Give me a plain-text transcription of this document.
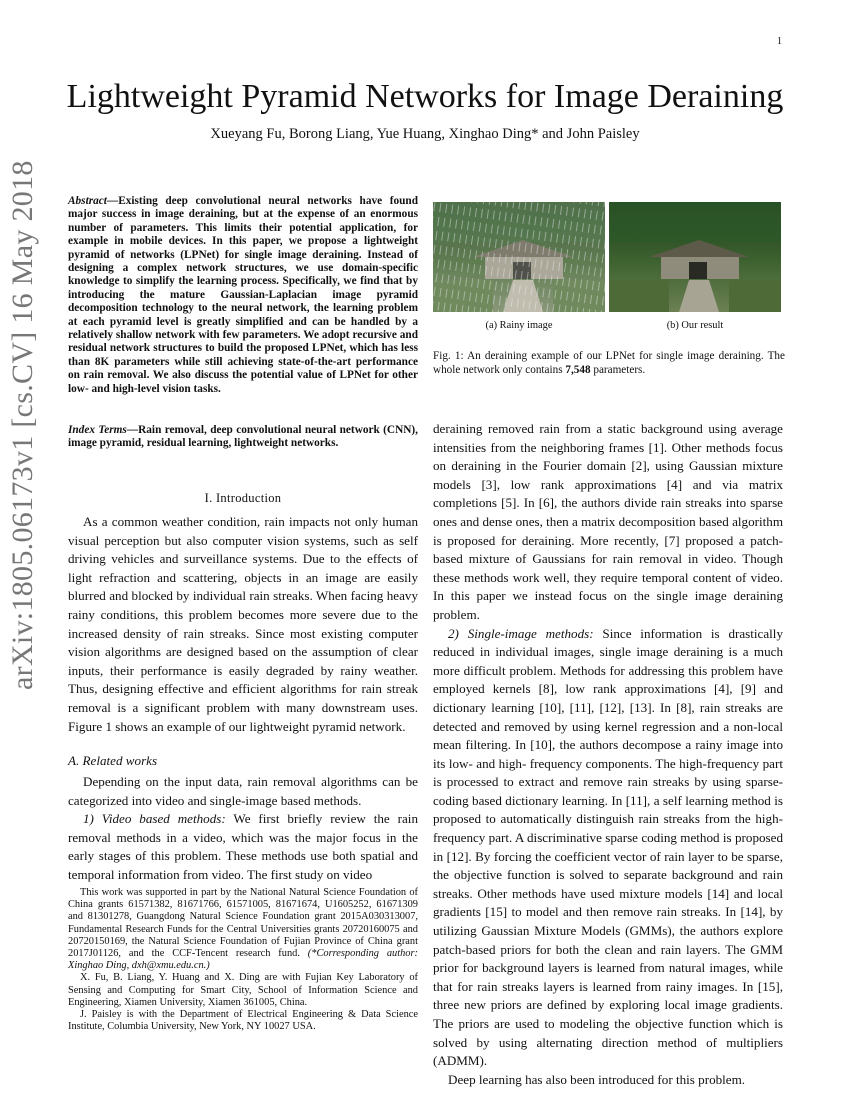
1
arXiv:1805.06173v1 [cs.CV] 16 May 2018
Lightweight Pyramid Networks for Image Deraining
Xueyang Fu, Borong Liang, Yue Huang, Xinghao Ding* and John Paisley
Abstract—Existing deep convolutional neural networks have found major success in image deraining, but at the expense of an enormous number of parameters. This limits their potential application, for example in mobile devices. In this paper, we propose a lightweight pyramid of networks (LPNet) for single image deraining. Instead of designing a complex network structures, we use domain-specific knowledge to simplify the learning process. Specifically, we find that by introducing the mature Gaussian-Laplacian image pyramid decomposition technology to the neural network, the learning problem at each pyramid level is greatly simplified and can be handled by a relatively shallow network with few parameters. We adopt recursive and residual network structures to build the proposed LPNet, which has less than 8K parameters while still achieving state-of-the-art performance on rain removal. We also discuss the potential value of LPNet for other low- and high-level vision tasks.
Index Terms—Rain removal, deep convolutional neural network (CNN), image pyramid, residual learning, lightweight networks.
I. Introduction

As a common weather condition, rain impacts not only human visual perception but also computer vision systems, such as self driving vehicles and surveillance systems. Due to the effects of light refraction and scattering, objects in an image are easily blurred and blocked by individual rain streaks. When facing heavy rainy conditions, this problem becomes more severe due to the increased density of rain streaks. Since most existing computer vision algorithms are designed based on the assumption of clear inputs, their performance is easily degraded by rainy weather. Thus, designing effective and efficient algorithms for rain streak removal is a significant problem with many downstream uses. Figure 1 shows an example of our lightweight pyramid network.

A. Related works

Depending on the input data, rain removal algorithms can be categorized into video and single-image based methods.

1) Video based methods: We first briefly review the rain removal methods in a video, which was the major focus in the early stages of this problem. These methods use both spatial and temporal information from video. The first study on video

This work was supported in part by the National Natural Science Foundation of China grants 61571382, 81671766, 61571005, 81671674, U1605252, 61671309 and 81301278, Guangdong Natural Science Foundation grant 2015A030313007, Fundamental Research Funds for the Central Universities grants 20720160075 and 20720150169, the Natural Science Foundation of Fujian Province of China grant 2017J01126, and the CCF-Tencent research fund. (*Corresponding author: Xinghao Ding, dxh@xmu.edu.cn.)

X. Fu, B. Liang, Y. Huang and X. Ding are with Fujian Key Laboratory of Sensing and Computing for Smart City, School of Information Science and Engineering, Xiamen University, Xiamen 361005, China.

J. Paisley is with the Department of Electrical Engineering & Data Science Institute, Columbia University, New York, NY 10027 USA.

(a) Rainy image	(b) Our result
Fig. 1: An deraining example of our LPNet for single image deraining. The whole network only contains 7,548 parameters.

deraining removed rain from a static background using average intensities from the neighboring frames [1]. Other methods focus on deraining in the Fourier domain [2], using Gaussian mixture models [3], low rank approximations [4] and via matrix completions [5]. In [6], the authors divide rain streaks into sparse ones and dense ones, then a matrix decomposition based algorithm is proposed for deraining. More recently, [7] proposed a patch-based mixture of Gaussians for rain removal in video. Though these methods work well, they require temporal content of video. In this paper we instead focus on the single image deraining problem.

2) Single-image methods: Since information is drastically reduced in individual images, single image deraining is a much more difficult problem. Methods for addressing this problem have employed kernels [8], low rank approximations [4], [9] and dictionary learning [10], [11], [12], [13]. In [8], rain streaks are detected and removed by using kernel regression and a non-local mean filtering. In [10], the authors decompose a rainy image into its low- and high- frequency components. The high-frequency part is processed to extract and remove rain streaks by using sparse-coding based dictionary learning. In [11], a self learning method is proposed to automatically distinguish rain streaks from the high-frequency part. A discriminative sparse coding method is proposed in [12]. By forcing the coefficient vector of rain layer to be sparse, the objective function is solved to separate background and rain streaks. Other methods have used mixture models [14] and local gradients [15] to model and then remove rain streaks. In [14], by utilizing Gaussian Mixture Models (GMMs), the authors explore patch-based priors for both the clean and rain layers. The GMM prior for background layers is learned from natural images, while that for rain streaks layers is learned from rainy images. In [15], three new priors are defined by exploring local image gradients. The priors are used to modeling the objective function which is solved by using alternating direction method of multipliers (ADMM).

Deep learning has also been introduced for this problem.
